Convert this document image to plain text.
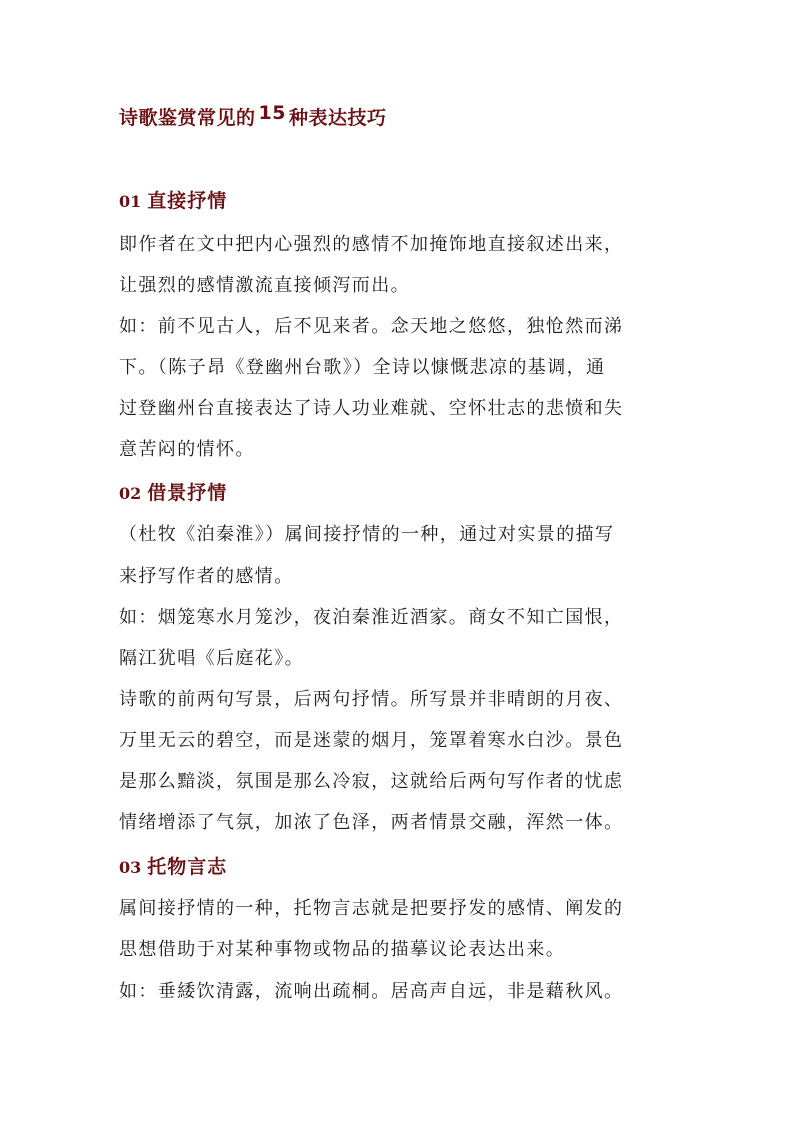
诗歌鉴赏常见的 15 种表达技巧
01 直接抒情
即作者在文中把内心强烈的感情不加掩饰地直接叙述出来，
让强烈的感情激流直接倾泻而出。
如：前不见古人，后不见来者。念天地之悠悠，独怆然而涕
下。（陈子昂《登幽州台歌》）全诗以慷慨悲凉的基调，通
过登幽州台直接表达了诗人功业难就、空怀壮志的悲愤和失
意苦闷的情怀。
02 借景抒情
（杜牧《泊秦淮》）属间接抒情的一种，通过对实景的描写
来抒写作者的感情。
如：烟笼寒水月笼沙，夜泊秦淮近酒家。商女不知亡国恨，
隔江犹唱《后庭花》。
诗歌的前两句写景，后两句抒情。所写景并非晴朗的月夜、
万里无云的碧空，而是迷蒙的烟月，笼罩着寒水白沙。景色
是那么黯淡，氛围是那么冷寂，这就给后两句写作者的忧虑
情绪增添了气氛，加浓了色泽，两者情景交融，浑然一体。
03 托物言志
属间接抒情的一种，托物言志就是把要抒发的感情、阐发的
思想借助于对某种事物或物品的描摹议论表达出来。
如：垂緌饮清露，流响出疏桐。居高声自远，非是藉秋风。
